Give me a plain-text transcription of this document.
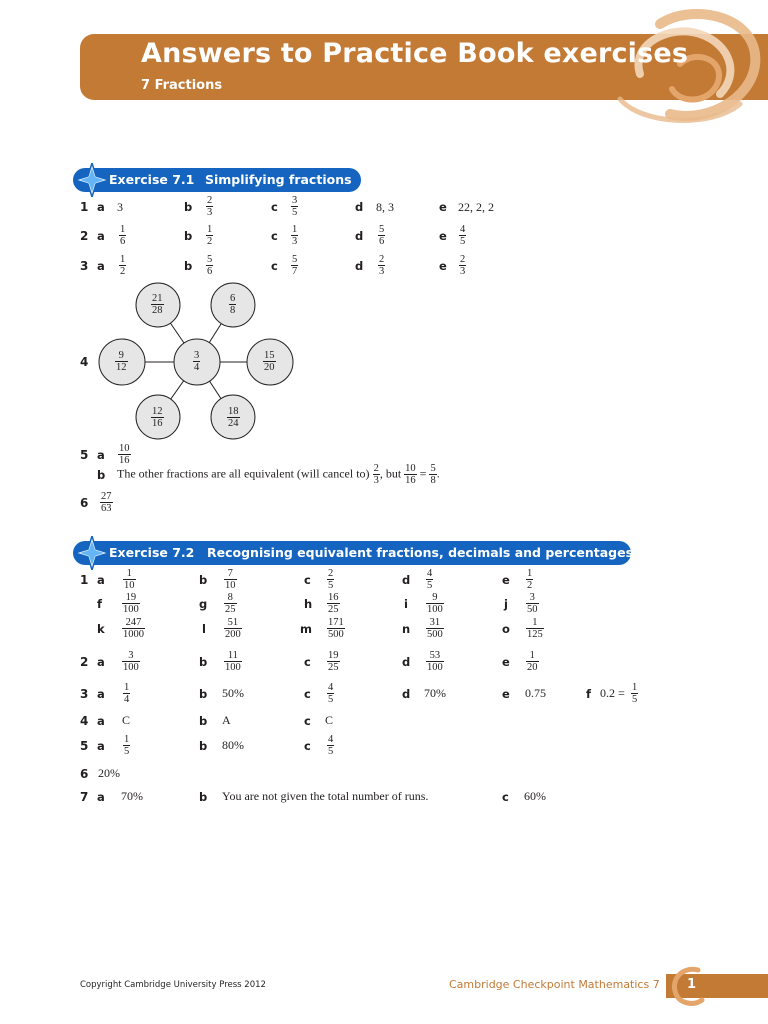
Answers to Practice Book exercises
7 Fractions
Exercise 7.1 Simplifying fractions
1 a 3	b $\frac{2}{3}$	c $\frac{3}{5}$	d 8, 3	e 22, 2, 2
2 a $\frac{1}{6}$	b $\frac{1}{2}$	c $\frac{1}{3}$	d $\frac{5}{6}$	e $\frac{4}{5}$
3 a $\frac{1}{2}$	b $\frac{5}{6}$	c $\frac{5}{7}$	d $\frac{2}{3}$	e $\frac{2}{3}$
4
$\frac{21}{28}$	$\frac{6}{8}$
$\frac{9}{12}$	$\frac{3}{4}$	$\frac{15}{20}$
$\frac{12}{16}$	$\frac{18}{24}$
5 a $\frac{10}{16}$
b The other fractions are all equivalent (will cancel $to) \frac{2}{3}$ , but $\frac{10}{16} = \frac{5}{8}$ .
$6 \frac{27}{63}$
Exercise 7.2 Recognising equivalent fractions, decimals and percentages
1 a $\frac{1}{10}$	b $\frac{7}{10}$	c $\frac{2}{5}$	d $\frac{4}{5}$	e $\frac{1}{2}$
f $\frac{19}{100}$	g $\frac{8}{25}$	h $\frac{16}{25}$	i $\frac{9}{100}$	j $\frac{3}{50}$
k $\frac{247}{1000}$	l $\frac{51}{200}$	m $\frac{171}{500}$	n $\frac{31}{500}$	o $\frac{1}{125}$
2 a $\frac{3}{100}$	b $\frac{11}{100}$	c $\frac{19}{25}$	d $\frac{53}{100}$	e $\frac{1}{20}$
3 a $\frac{1}{4}$	b 50%	c $\frac{4}{5}$	d 70%	e 0.75	f $0.2 = \frac{1}{5}$
4 a C	b A	c C
5 a $\frac{1}{5}$	b 80%	c $\frac{4}{5}$
6 20%
7 a 70%	b You are not given the total number of runs.	c 60%
Copyright Cambridge University Press 2012	Cambridge Checkpoint Mathematics 7 1
